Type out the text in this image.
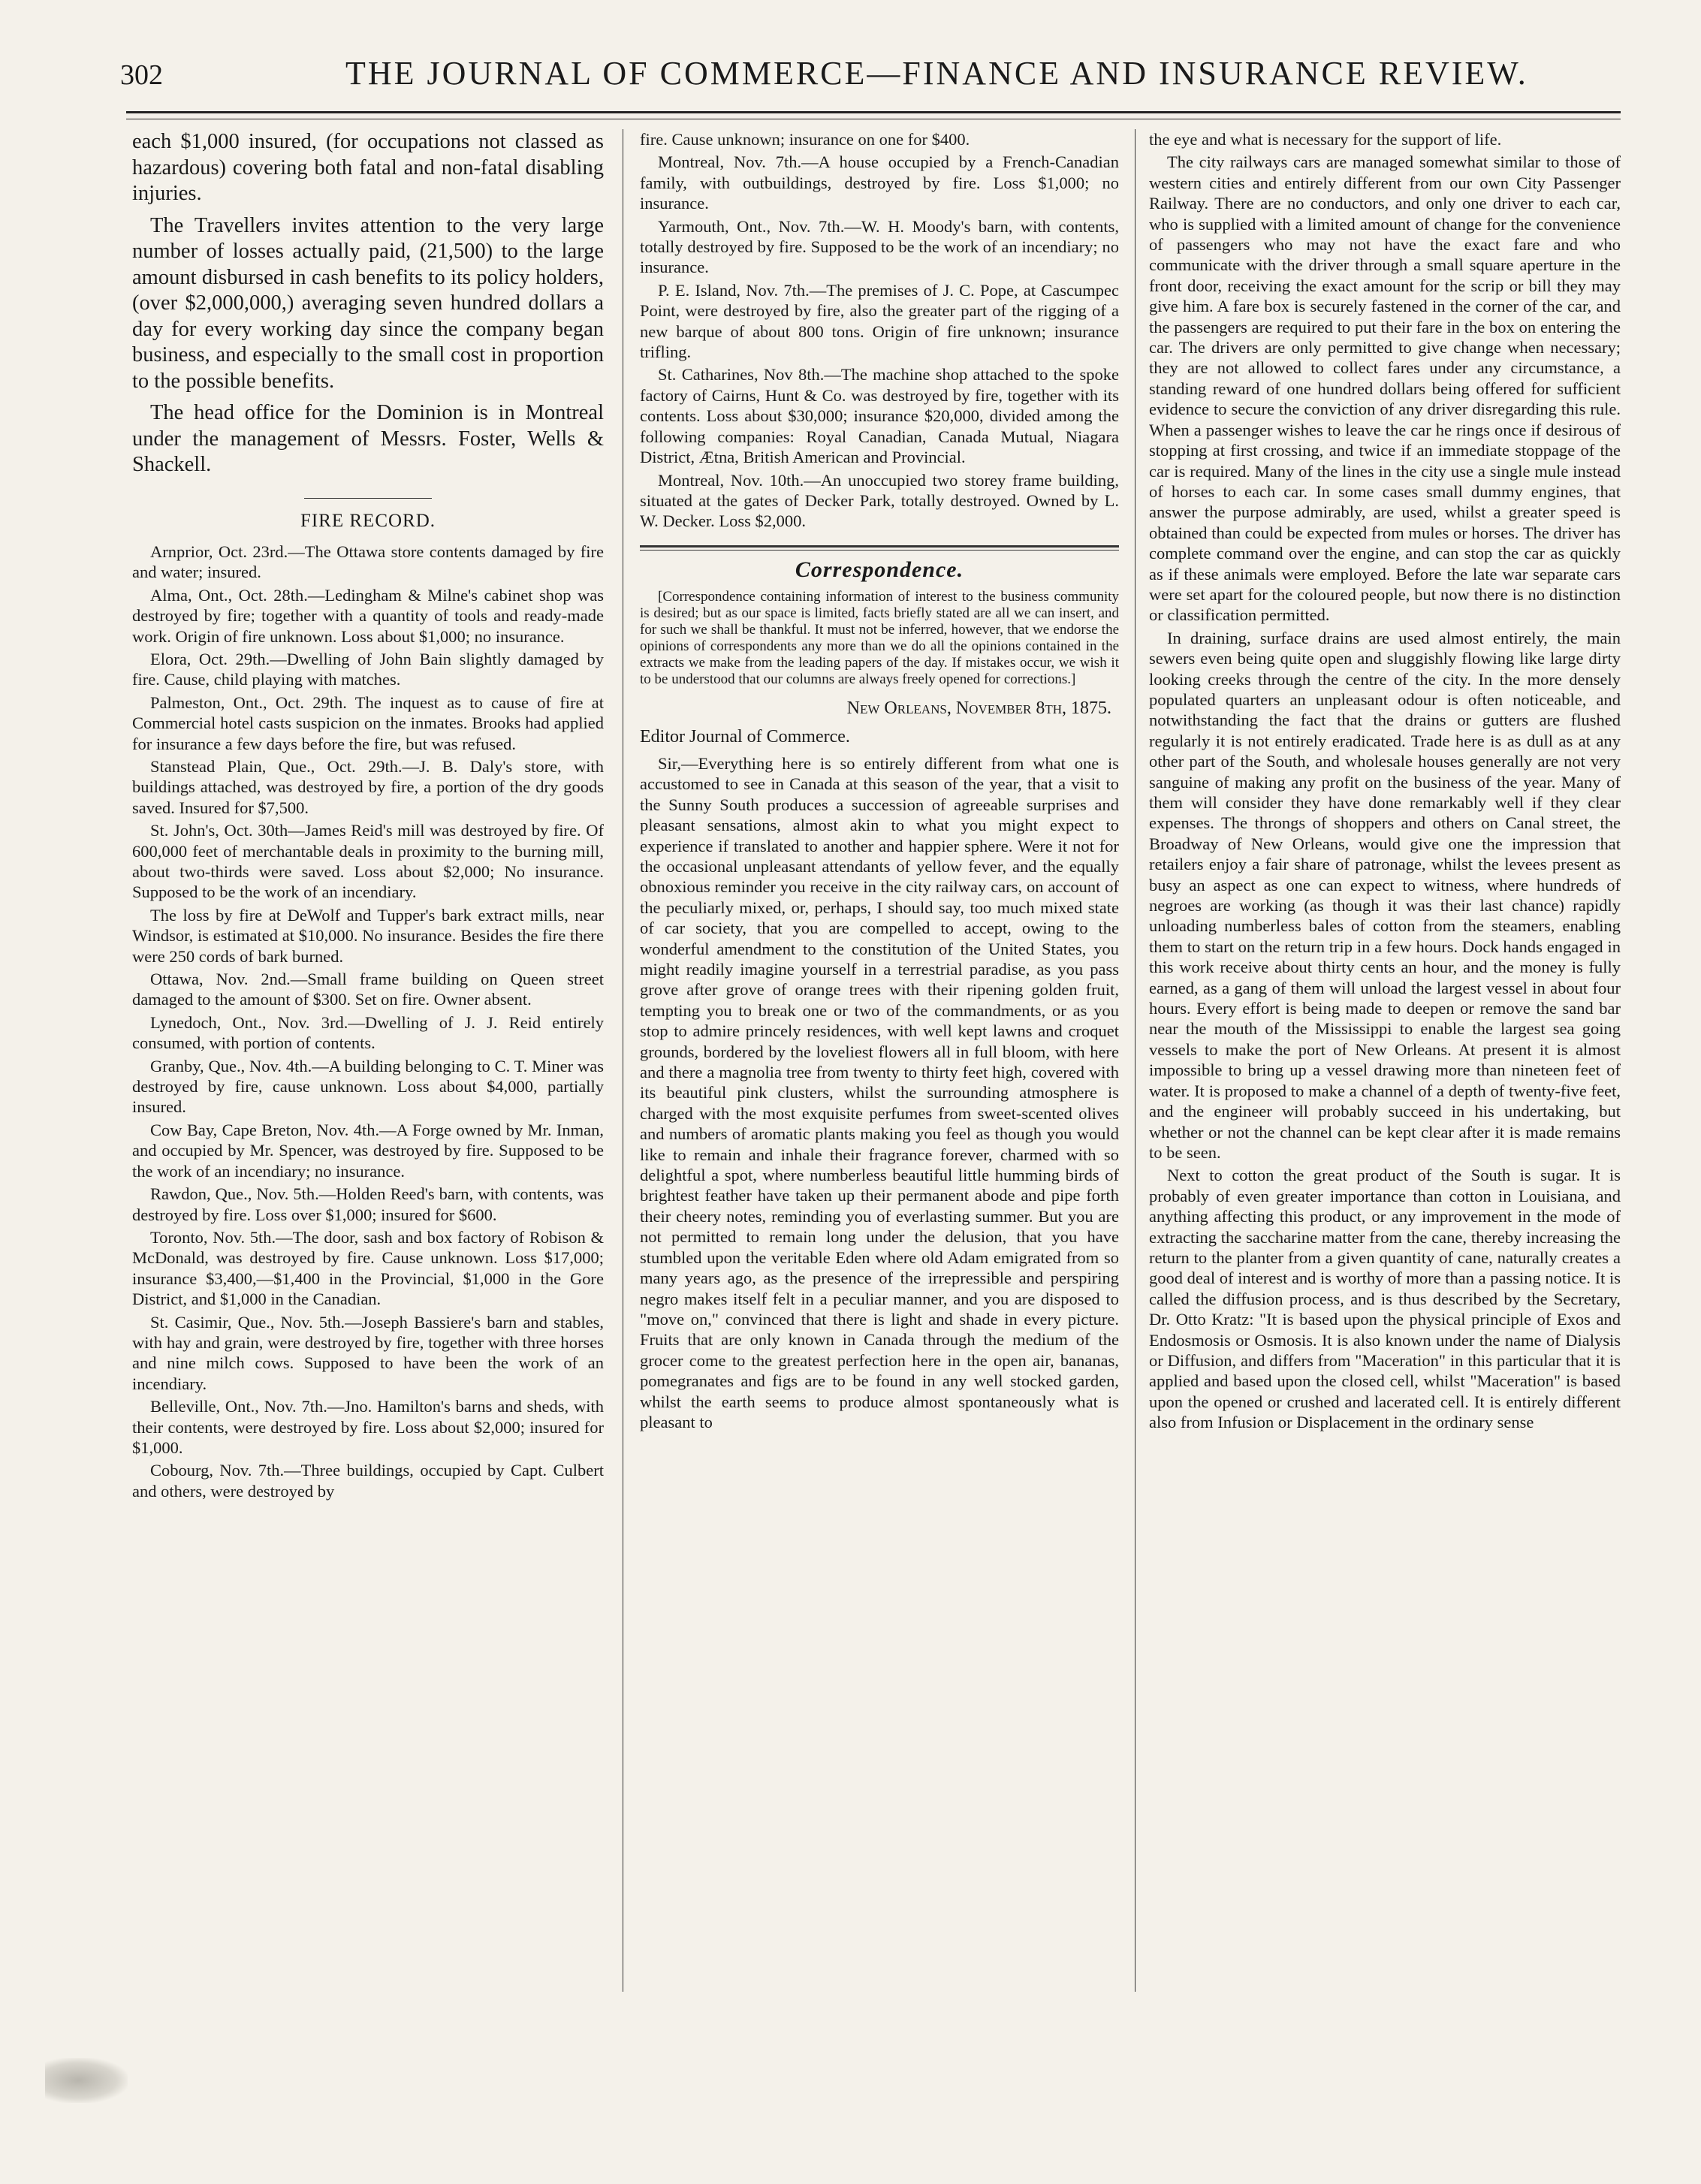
302	THE JOURNAL OF COMMERCE—FINANCE AND INSURANCE REVIEW.

each $1,000 insured, (for occupations not classed as hazardous) covering both fatal and non-fatal disabling injuries.

The Travellers invites attention to the very large number of losses actually paid, (21,500) to the large amount disbursed in cash benefits to its policy holders, (over $2,000,000,) averaging seven hundred dollars a day for every working day since the company began business, and especially to the small cost in proportion to the possible benefits.

The head office for the Dominion is in Montreal under the management of Messrs. Foster, Wells & Shackell.

FIRE RECORD.

Arnprior, Oct. 23rd.—The Ottawa store contents damaged by fire and water; insured.

Alma, Ont., Oct. 28th.—Ledingham & Milne's cabinet shop was destroyed by fire; together with a quantity of tools and ready-made work. Origin of fire unknown. Loss about $1,000; no insurance.

Elora, Oct. 29th.—Dwelling of John Bain slightly damaged by fire. Cause, child playing with matches.

Palmeston, Ont., Oct. 29th. The inquest as to cause of fire at Commercial hotel casts suspicion on the inmates. Brooks had applied for insurance a few days before the fire, but was refused.

Stanstead Plain, Que., Oct. 29th.—J. B. Daly's store, with buildings attached, was destroyed by fire, a portion of the dry goods saved. Insured for $7,500.

St. John's, Oct. 30th—James Reid's mill was destroyed by fire. Of 600,000 feet of merchantable deals in proximity to the burning mill, about two-thirds were saved. Loss about $2,000; No insurance. Supposed to be the work of an incendiary.

The loss by fire at DeWolf and Tupper's bark extract mills, near Windsor, is estimated at $10,000. No insurance. Besides the fire there were 250 cords of bark burned.

Ottawa, Nov. 2nd.—Small frame building on Queen street damaged to the amount of $300. Set on fire. Owner absent.

Lynedoch, Ont., Nov. 3rd.—Dwelling of J. J. Reid entirely consumed, with portion of contents.

Granby, Que., Nov. 4th.—A building belonging to C. T. Miner was destroyed by fire, cause unknown. Loss about $4,000, partially insured.

Cow Bay, Cape Breton, Nov. 4th.—A Forge owned by Mr. Inman, and occupied by Mr. Spencer, was destroyed by fire. Supposed to be the work of an incendiary; no insurance.

Rawdon, Que., Nov. 5th.—Holden Reed's barn, with contents, was destroyed by fire. Loss over $1,000; insured for $600.

Toronto, Nov. 5th.—The door, sash and box factory of Robison & McDonald, was destroyed by fire. Cause unknown. Loss $17,000; insurance $3,400,—$1,400 in the Provincial, $1,000 in the Gore District, and $1,000 in the Canadian.

St. Casimir, Que., Nov. 5th.—Joseph Bassiere's barn and stables, with hay and grain, were destroyed by fire, together with three horses and nine milch cows. Supposed to have been the work of an incendiary.

Belleville, Ont., Nov. 7th.—Jno. Hamilton's barns and sheds, with their contents, were destroyed by fire. Loss about $2,000; insured for $1,000.

Cobourg, Nov. 7th.—Three buildings, occupied by Capt. Culbert and others, were destroyed by

fire. Cause unknown; insurance on one for $400.

Montreal, Nov. 7th.—A house occupied by a French-Canadian family, with outbuildings, destroyed by fire. Loss $1,000; no insurance.

Yarmouth, Ont., Nov. 7th.—W. H. Moody's barn, with contents, totally destroyed by fire. Supposed to be the work of an incendiary; no insurance.

P. E. Island, Nov. 7th.—The premises of J. C. Pope, at Cascumpec Point, were destroyed by fire, also the greater part of the rigging of a new barque of about 800 tons. Origin of fire unknown; insurance trifling.

St. Catharines, Nov 8th.—The machine shop attached to the spoke factory of Cairns, Hunt & Co. was destroyed by fire, together with its contents. Loss about $30,000; insurance $20,000, divided among the following companies: Royal Canadian, Canada Mutual, Niagara District, Ætna, British American and Provincial.

Montreal, Nov. 10th.—An unoccupied two storey frame building, situated at the gates of Decker Park, totally destroyed. Owned by L. W. Decker. Loss $2,000.

Correspondence.

[Correspondence containing information of interest to the business community is desired; but as our space is limited, facts briefly stated are all we can insert, and for such we shall be thankful. It must not be inferred, however, that we endorse the opinions of correspondents any more than we do all the opinions contained in the extracts we make from the leading papers of the day. If mistakes occur, we wish it to be understood that our columns are always freely opened for corrections.]

New Orleans, November 8th, 1875.

Editor Journal of Commerce.

Sir,—Everything here is so entirely different from what one is accustomed to see in Canada at this season of the year, that a visit to the Sunny South produces a succession of agreeable surprises and pleasant sensations, almost akin to what you might expect to experience if translated to another and happier sphere. Were it not for the occasional unpleasant attendants of yellow fever, and the equally obnoxious reminder you receive in the city railway cars, on account of the peculiarly mixed, or, perhaps, I should say, too much mixed state of car society, that you are compelled to accept, owing to the wonderful amendment to the constitution of the United States, you might readily imagine yourself in a terrestrial paradise, as you pass grove after grove of orange trees with their ripening golden fruit, tempting you to break one or two of the commandments, or as you stop to admire princely residences, with well kept lawns and croquet grounds, bordered by the loveliest flowers all in full bloom, with here and there a magnolia tree from twenty to thirty feet high, covered with its beautiful pink clusters, whilst the surrounding atmosphere is charged with the most exquisite perfumes from sweet-scented olives and numbers of aromatic plants making you feel as though you would like to remain and inhale their fragrance forever, charmed with so delightful a spot, where numberless beautiful little humming birds of brightest feather have taken up their permanent abode and pipe forth their cheery notes, reminding you of everlasting summer. But you are not permitted to remain long under the delusion, that you have stumbled upon the veritable Eden where old Adam emigrated from so many years ago, as the presence of the irrepressible and perspiring negro makes itself felt in a peculiar manner, and you are disposed to "move on," convinced that there is light and shade in every picture. Fruits that are only known in Canada through the medium of the grocer come to the greatest perfection here in the open air, bananas, pomegranates and figs are to be found in any well stocked garden, whilst the earth seems to produce almost spontaneously what is pleasant to

the eye and what is necessary for the support of life.

The city railways cars are managed somewhat similar to those of western cities and entirely different from our own City Passenger Railway. There are no conductors, and only one driver to each car, who is supplied with a limited amount of change for the convenience of passengers who may not have the exact fare and who communicate with the driver through a small square aperture in the front door, receiving the exact amount for the scrip or bill they may give him. A fare box is securely fastened in the corner of the car, and the passengers are required to put their fare in the box on entering the car. The drivers are only permitted to give change when necessary; they are not allowed to collect fares under any circumstance, a standing reward of one hundred dollars being offered for sufficient evidence to secure the conviction of any driver disregarding this rule. When a passenger wishes to leave the car he rings once if desirous of stopping at first crossing, and twice if an immediate stoppage of the car is required. Many of the lines in the city use a single mule instead of horses to each car. In some cases small dummy engines, that answer the purpose admirably, are used, whilst a greater speed is obtained than could be expected from mules or horses. The driver has complete command over the engine, and can stop the car as quickly as if these animals were employed. Before the late war separate cars were set apart for the coloured people, but now there is no distinction or classification permitted.

In draining, surface drains are used almost entirely, the main sewers even being quite open and sluggishly flowing like large dirty looking creeks through the centre of the city. In the more densely populated quarters an unpleasant odour is often noticeable, and notwithstanding the fact that the drains or gutters are flushed regularly it is not entirely eradicated. Trade here is as dull as at any other part of the South, and wholesale houses generally are not very sanguine of making any profit on the business of the year. Many of them will consider they have done remarkably well if they clear expenses. The throngs of shoppers and others on Canal street, the Broadway of New Orleans, would give one the impression that retailers enjoy a fair share of patronage, whilst the levees present as busy an aspect as one can expect to witness, where hundreds of negroes are working (as though it was their last chance) rapidly unloading numberless bales of cotton from the steamers, enabling them to start on the return trip in a few hours. Dock hands engaged in this work receive about thirty cents an hour, and the money is fully earned, as a gang of them will unload the largest vessel in about four hours. Every effort is being made to deepen or remove the sand bar near the mouth of the Mississippi to enable the largest sea going vessels to make the port of New Orleans. At present it is almost impossible to bring up a vessel drawing more than nineteen feet of water. It is proposed to make a channel of a depth of twenty-five feet, and the engineer will probably succeed in his undertaking, but whether or not the channel can be kept clear after it is made remains to be seen.

Next to cotton the great product of the South is sugar. It is probably of even greater importance than cotton in Louisiana, and anything affecting this product, or any improvement in the mode of extracting the saccharine matter from the cane, thereby increasing the return to the planter from a given quantity of cane, naturally creates a good deal of interest and is worthy of more than a passing notice. It is called the diffusion process, and is thus described by the Secretary, Dr. Otto Kratz: "It is based upon the physical principle of Exos and Endosmosis or Osmosis. It is also known under the name of Dialysis or Diffusion, and differs from "Maceration" in this particular that it is applied and based upon the closed cell, whilst "Maceration" is based upon the opened or crushed and lacerated cell. It is entirely different also from Infusion or Displacement in the ordinary sense
